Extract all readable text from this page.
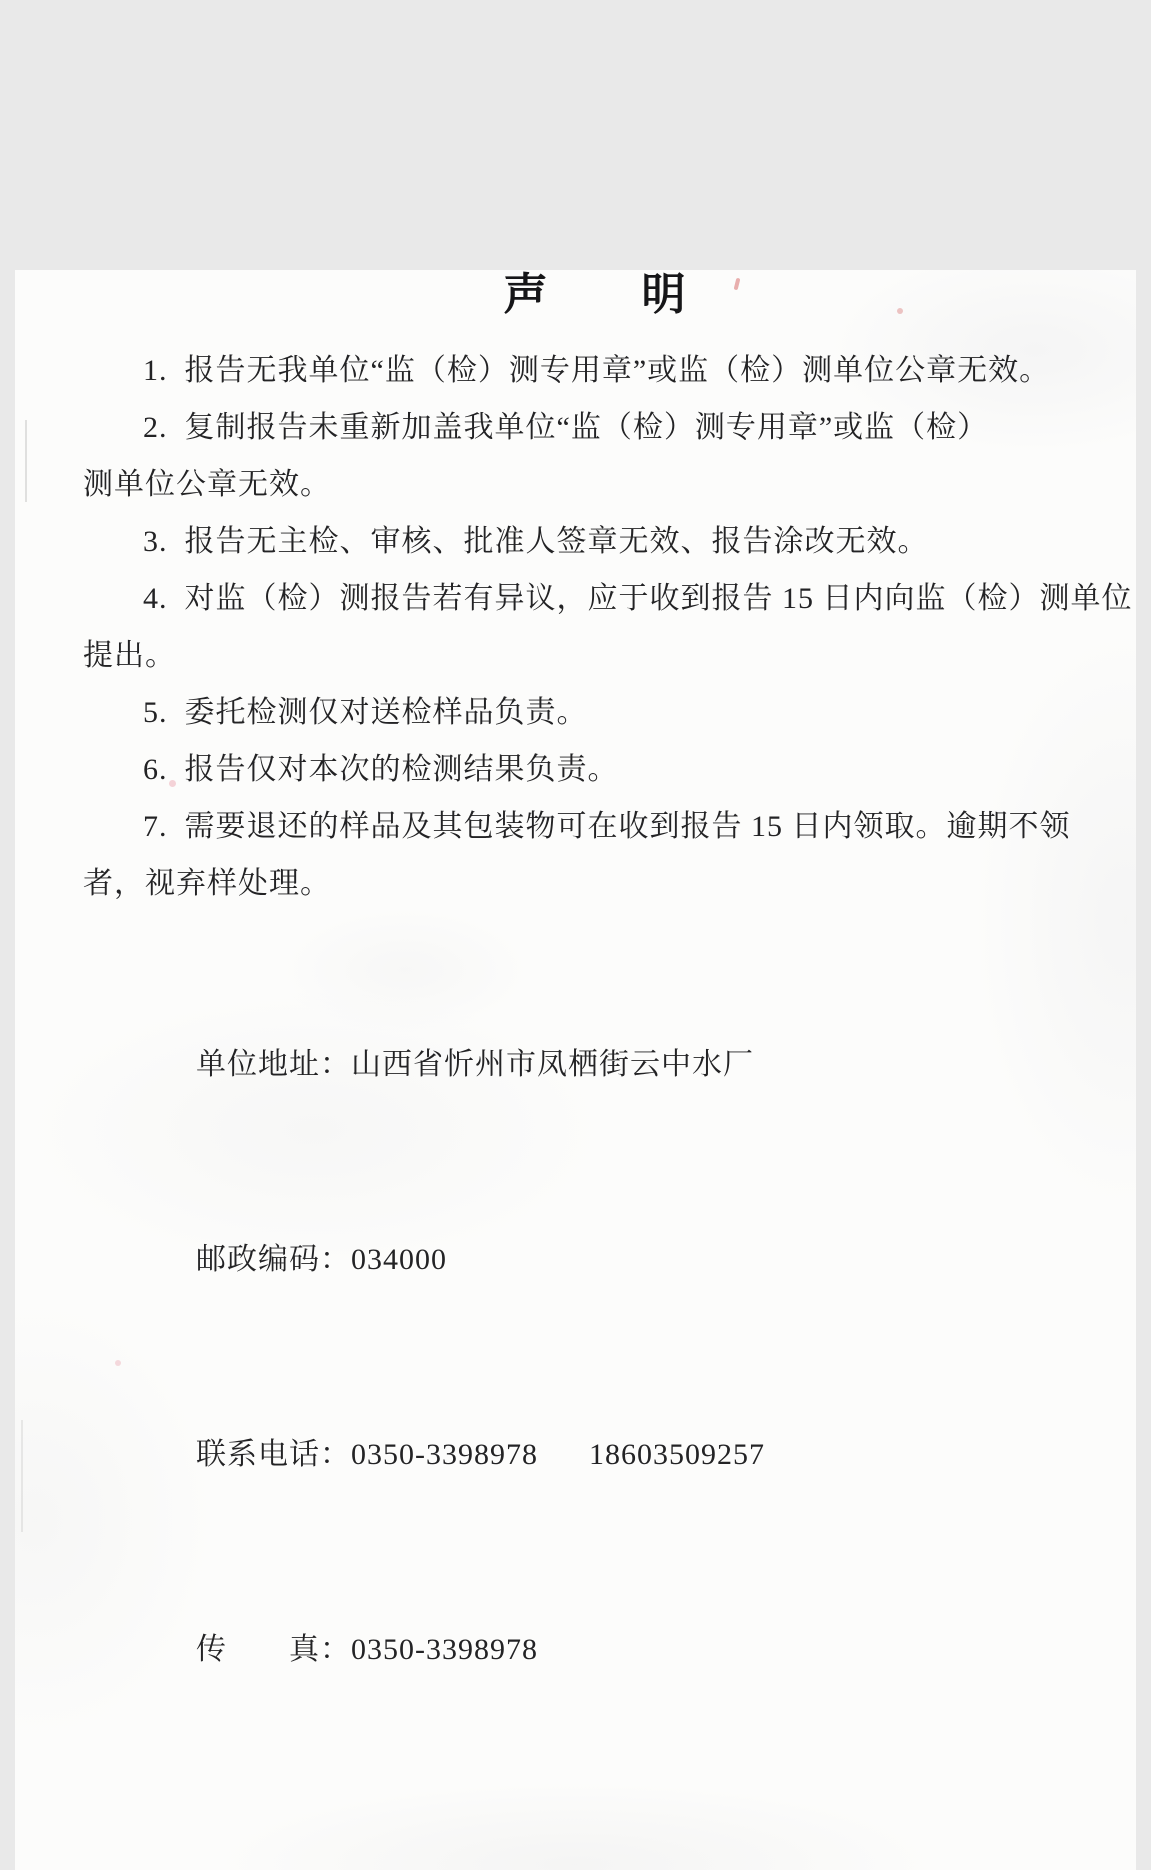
声　　明
1.  报告无我单位“监（检）测专用章”或监（检）测单位公章无效。
2.  复制报告未重新加盖我单位“监（检）测专用章”或监（检）
测单位公章无效。
3.  报告无主检、审核、批准人签章无效、报告涂改无效。
4.  对监（检）测报告若有异议，应于收到报告 15 日内向监（检）测单位
提出。
5.  委托检测仅对送检样品负责。
6.  报告仅对本次的检测结果负责。
7.  需要退还的样品及其包装物可在收到报告 15 日内领取。逾期不领
者，视弃样处理。

单位地址：山西省忻州市凤栖街云中水厂

邮政编码：034000

联系电话：0350-3398978      18603509257

传　　真：0350-3398978
